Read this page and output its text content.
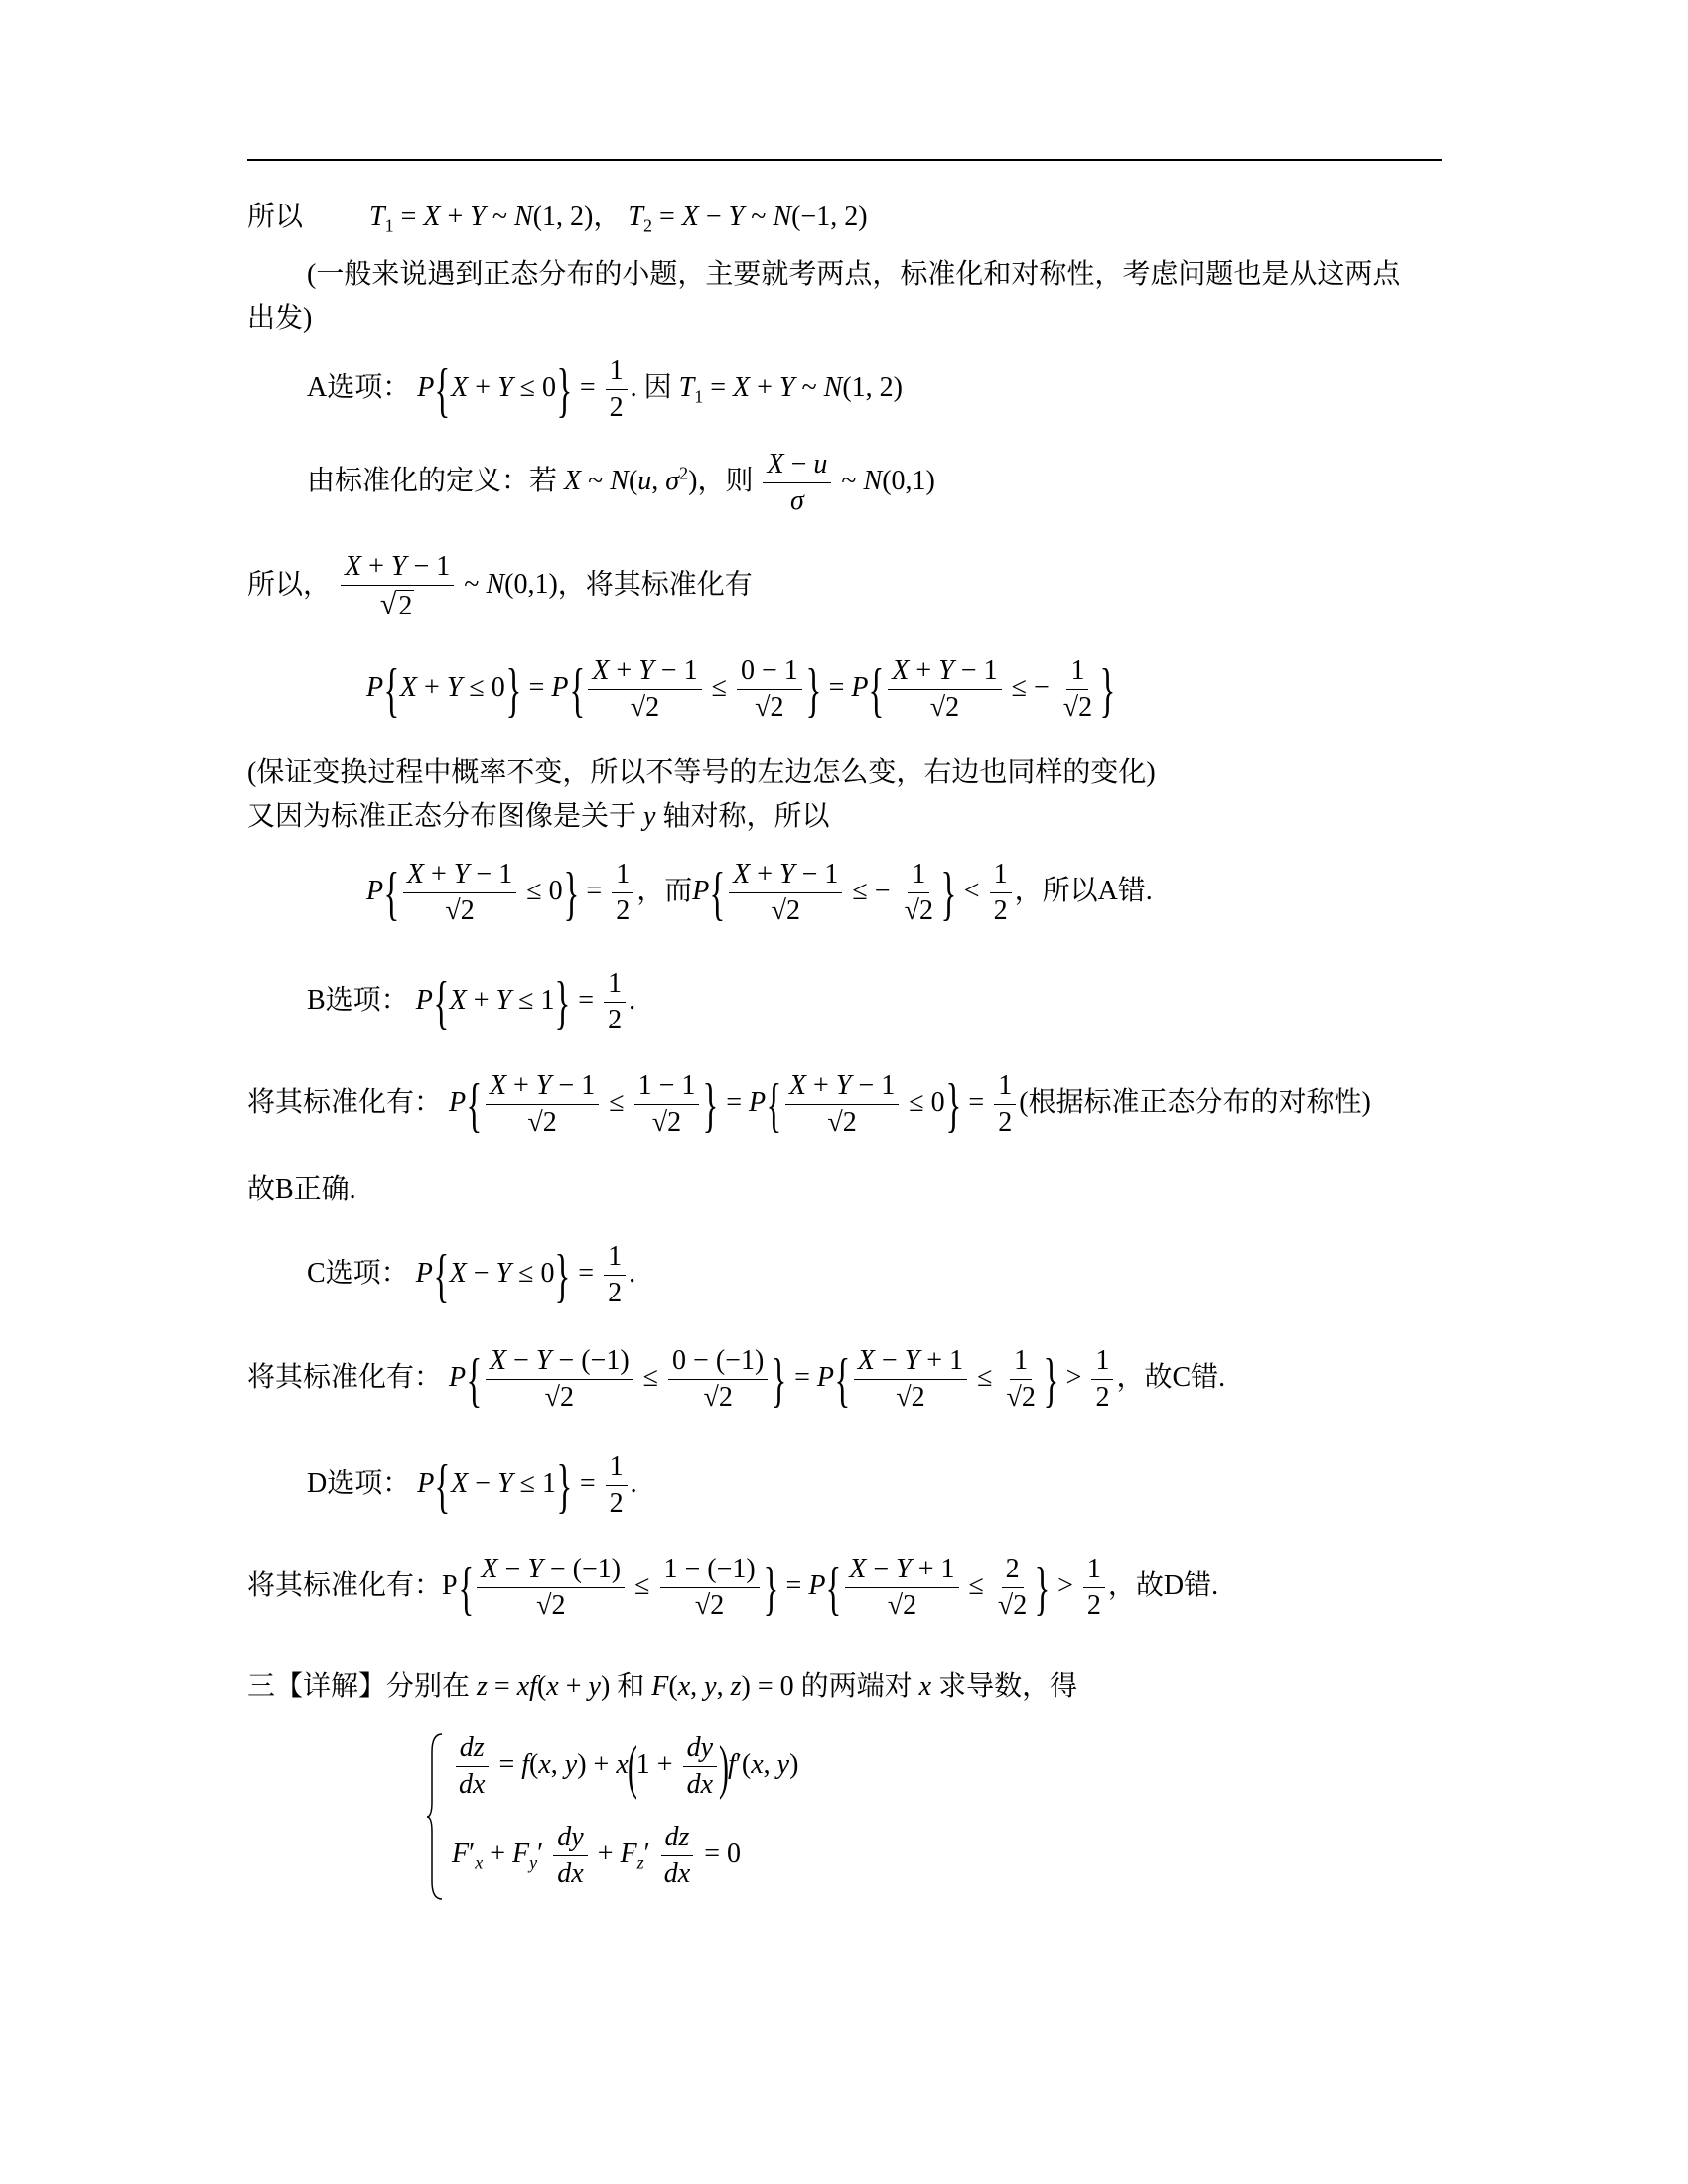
所以 $T_1 = X + Y$ ~ N(1, 2)， $T_2 = X - Y$ ~ N(−1, 2)
(一般来说遇到正态分布的小题，主要就考两点，标准化和对称性，考虑问题也是从这两点
出发)
A选项： $P\{X + Y \le 0\} = \frac{1}{2}$ . 因 $T_1 = X + Y$ ~ N(1, 2)
由标准化的定义：若 X ~ N(u, $\sigma^2$)，则 $\frac{X - u}{\sigma}$ ~ N(0,1)
所以， $\frac{X + Y - 1}{√ 2}$ ~ N(0,1)，将其标准化有
$P\{X + Y \le 0\} = P\{ \frac{X + Y - 1}{√2} \le \frac{0 - 1}{√2}$ } = $P\{ \frac{X + Y - 1}{√2}$ ≤ − $\frac{1}{√2}$ }
(保证变换过程中概率不变，所以不等号的左边怎么变，右边也同样的变化)
又因为标准正态分布图像是关于 y 轴对称，所以
$P\{ \frac{X + Y - 1}{√2} \le 0\} = \frac{1}{2}$ ，而$P\{ \frac{X + Y - 1}{√2}$ ≤ − $\frac{1}{√2}$ } < $\frac{1}{2}$ ，所以A错.
B选项： $P\{X + Y \le 1\} = \frac{1}{2}$ .
将其标准化有： $P\{ \frac{X + Y - 1}{√2} \le \frac{1 - 1}{√2}$ } = $P\{ \frac{X + Y - 1}{√2} \le 0\} = \frac{1}{2}$ (根据标准正态分布的对称性)
故B正确.
C选项： $P\{X - Y \le 0\} = \frac{1}{2}$ .
将其标准化有： $P\{ \frac{X - Y - (-1)}{√2} \le \frac{0 - (-1)}{√2}$ } = $P\{ \frac{X - Y + 1}{√2} \le \frac{1}{√2}$ } > $\frac{1}{2}$ ，故C错.
D选项： $P\{X - Y \le 1\} = \frac{1}{2}$ .
将其标准化有：$P\{ \frac{X - Y - (-1)}{√2} \le \frac{1 - (-1)}{√2}$ } = $P\{ \frac{X - Y + 1}{√2} \le \frac{2}{√2}$ } > $\frac{1}{2}$ ，故D错.
三【详解】分别在 z = xf(x + y) 和 F(x, y, z) = 0 的两端对 x 求导数，得
$\frac{dz}{dx} = f(x$, $y) + x(1 + \frac{dy}{dx} )f'(x$, y)
$F'_x + F_y' \frac{dy}{dx} + F_z' \frac{dz}{dx} = 0$
